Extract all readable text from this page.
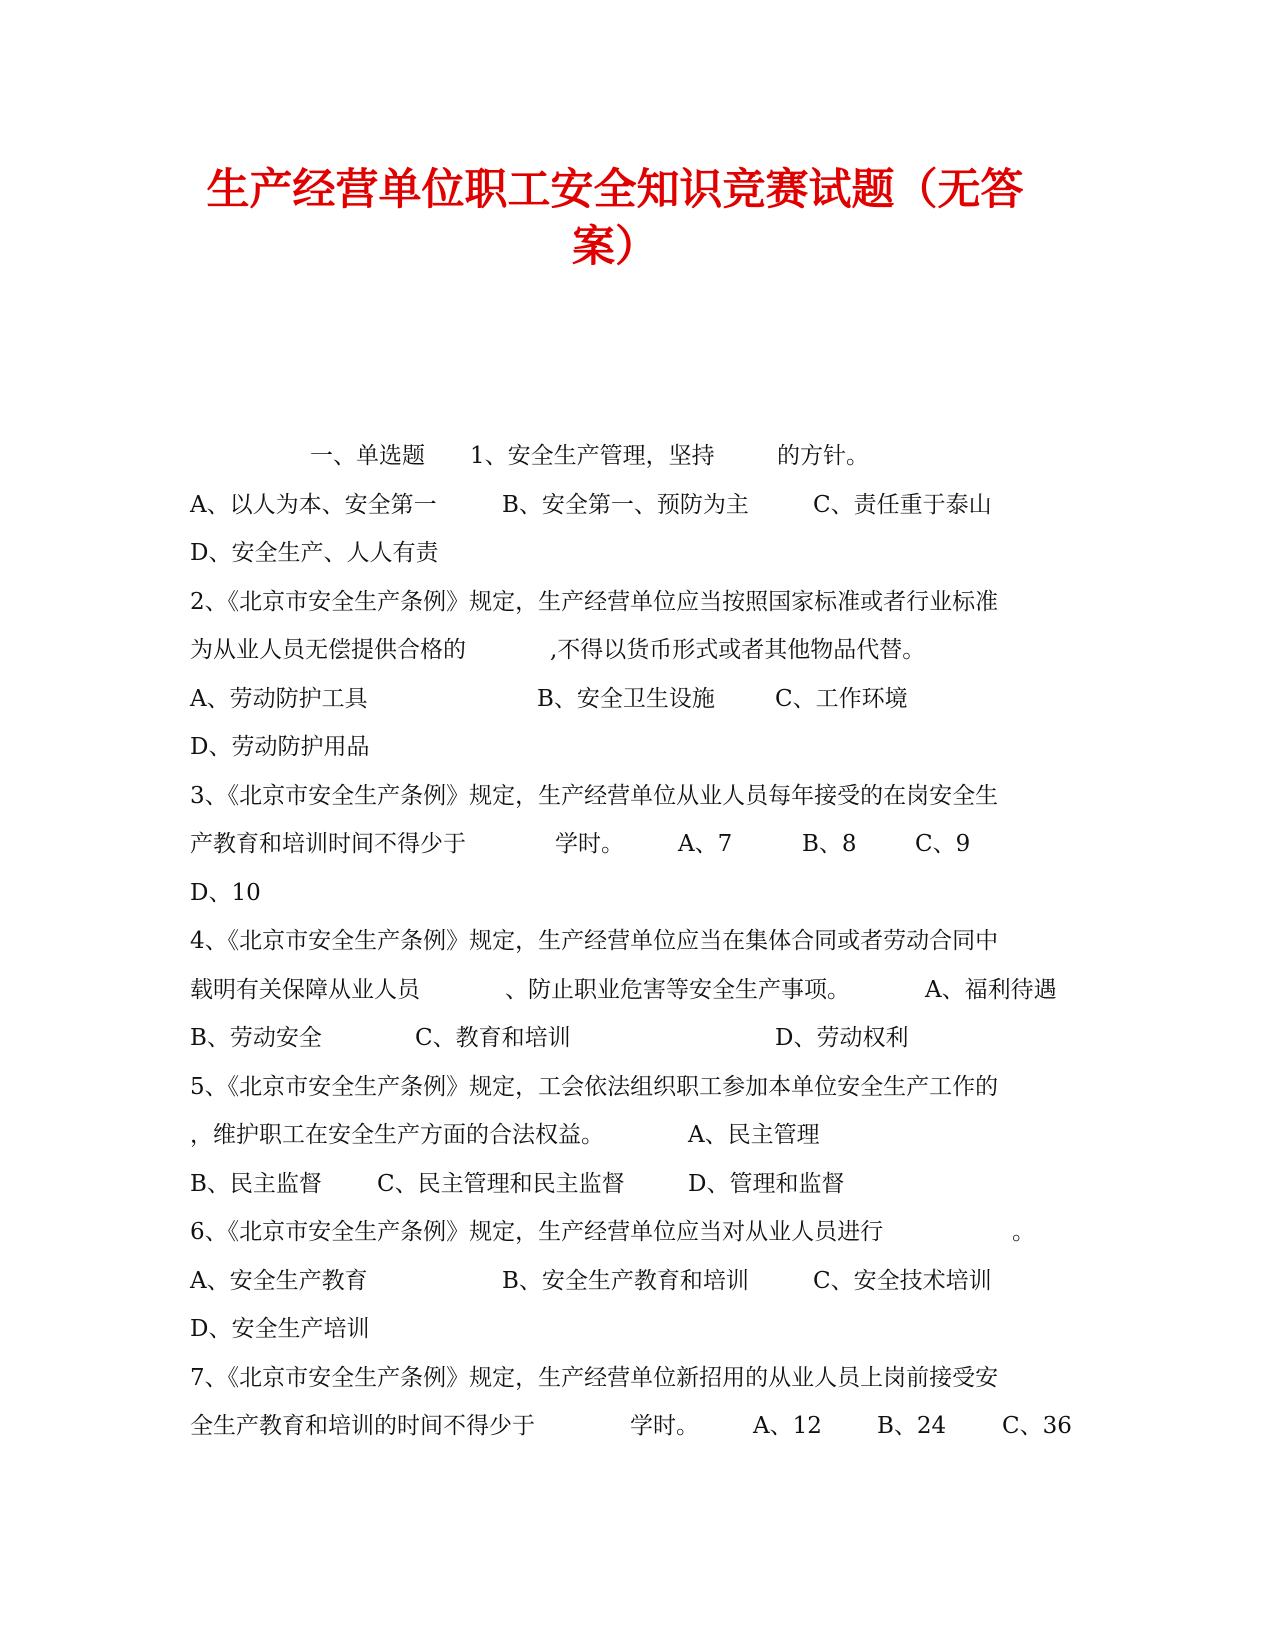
生产经营单位职工安全知识竞赛试题（无答
案）
一、单选题 1、安全生产管理，坚持	的方针。
A、以人为本、安全第一	B、安全第一、预防为主	C、责任重于泰山
D、安全生产、人人有责
2、《北京市安全生产条例》规定，生产经营单位应当按照国家标准或者行业标准
为从业人员无偿提供合格的	,不得以货币形式或者其他物品代替。
A、劳动防护工具	B、安全卫生设施	C、工作环境
D、劳动防护用品
3、《北京市安全生产条例》规定，生产经营单位从业人员每年接受的在岗安全生
产教育和培训时间不得少于	学时。 A、7	B、8	C、9
D、10
4、《北京市安全生产条例》规定，生产经营单位应当在集体合同或者劳动合同中
载明有关保障从业人员	、防止职业危害等安全生产事项。	A、福利待遇
B、劳动安全	C、教育和培训	D、劳动权利
5、《北京市安全生产条例》规定，工会依法组织职工参加本单位安全生产工作的
，维护职工在安全生产方面的合法权益。	A、民主管理
B、民主监督 C、民主管理和民主监督	D、管理和监督
6、《北京市安全生产条例》规定，生产经营单位应当对从业人员进行	。
A、安全生产教育	B、安全生产教育和培训	C、安全技术培训
D、安全生产培训
7、《北京市安全生产条例》规定，生产经营单位新招用的从业人员上岗前接受安
全生产教育和培训的时间不得少于	学时。 A、12 B、24 C、36
